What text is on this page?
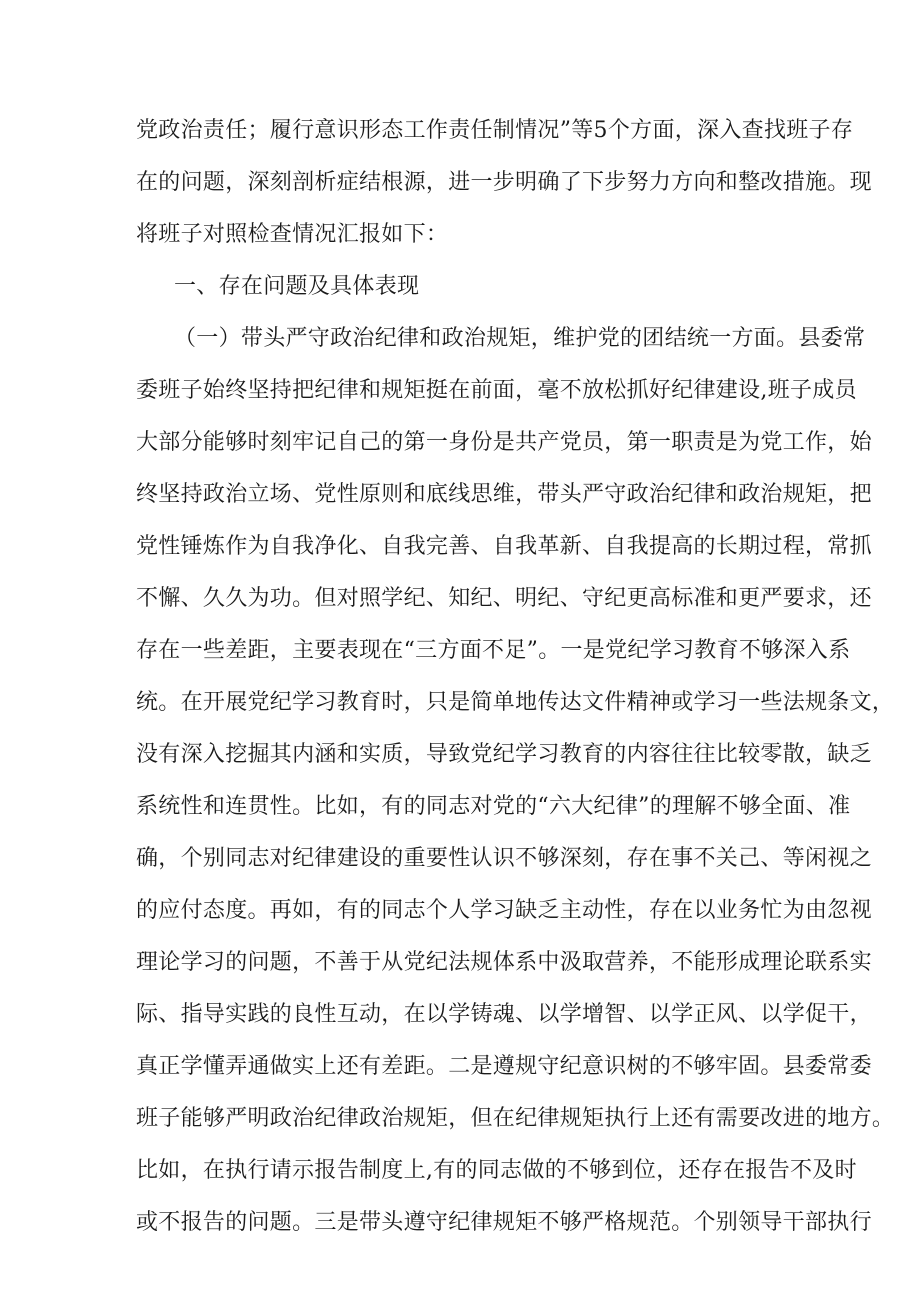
党政治责任；履行意识形态工作责任制情况”等5个方面，深入查找班子存
在的问题，深刻剖析症结根源，进一步明确了下步努力方向和整改措施。现
将班子对照检查情况汇报如下：
一、存在问题及具体表现
（一）带头严守政治纪律和政治规矩，维护党的团结统一方面。县委常
委班子始终坚持把纪律和规矩挺在前面，毫不放松抓好纪律建设,班子成员
大部分能够时刻牢记自己的第一身份是共产党员，第一职责是为党工作，始
终坚持政治立场、党性原则和底线思维，带头严守政治纪律和政治规矩，把
党性锤炼作为自我净化、自我完善、自我革新、自我提高的长期过程，常抓
不懈、久久为功。但对照学纪、知纪、明纪、守纪更高标准和更严要求，还
存在一些差距，主要表现在“三方面不足”。一是党纪学习教育不够深入系
统。在开展党纪学习教育时，只是简单地传达文件精神或学习一些法规条文，
没有深入挖掘其内涵和实质，导致党纪学习教育的内容往往比较零散，缺乏
系统性和连贯性。比如，有的同志对党的“六大纪律”的理解不够全面、准
确，个别同志对纪律建设的重要性认识不够深刻，存在事不关己、等闲视之
的应付态度。再如，有的同志个人学习缺乏主动性，存在以业务忙为由忽视
理论学习的问题，不善于从党纪法规体系中汲取营养，不能形成理论联系实
际、指导实践的良性互动，在以学铸魂、以学增智、以学正风、以学促干，
真正学懂弄通做实上还有差距。二是遵规守纪意识树的不够牢固。县委常委
班子能够严明政治纪律政治规矩，但在纪律规矩执行上还有需要改进的地方。
比如，在执行请示报告制度上,有的同志做的不够到位，还存在报告不及时
或不报告的问题。三是带头遵守纪律规矩不够严格规范。个别领导干部执行
